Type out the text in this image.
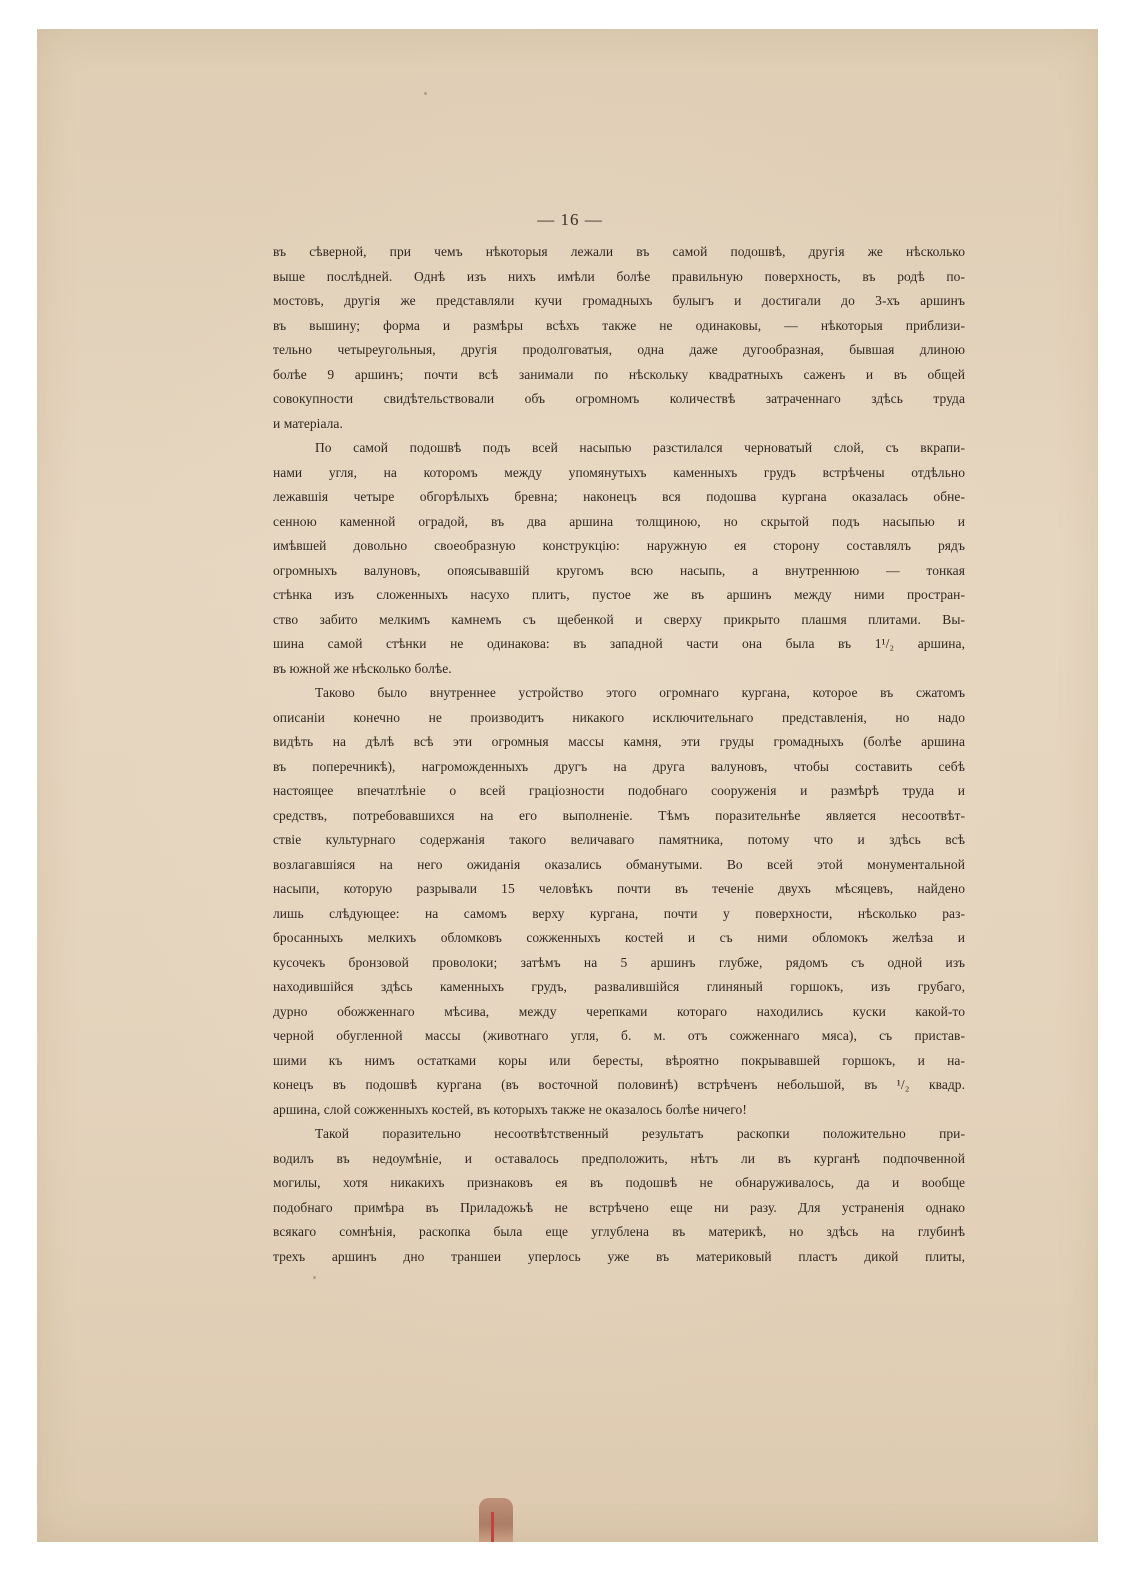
— 16 —
въ сѣверной, при чемъ нѣкоторыя лежали въ самой подошвѣ, другія же нѣсколько
выше послѣдней. Однѣ изъ нихъ имѣли болѣе правильную поверхность, въ родѣ по-
мостовъ, другія же представляли кучи громадныхъ булыгъ и достигали до 3-хъ аршинъ
въ вышину; форма и размѣры всѣхъ также не одинаковы, — нѣкоторыя приблизи-
тельно четыреугольныя, другія продолговатыя, одна даже дугообразная, бывшая длиною
болѣе 9 аршинъ; почти всѣ занимали по нѣскольку квадратныхъ саженъ и въ общей
совокупности свидѣтельствовали объ огромномъ количествѣ затраченнаго здѣсь труда
и матеріала.
По самой подошвѣ подъ всей насыпью разстилался черноватый слой, съ вкрапи-
нами угля, на которомъ между упомянутыхъ каменныхъ грудъ встрѣчены отдѣльно
лежавшія четыре обгорѣлыхъ бревна; наконецъ вся подошва кургана оказалась обне-
сенною каменной оградой, въ два аршина толщиною, но скрытой подъ насыпью и
имѣвшей довольно своеобразную конструкцію: наружную ея сторону составлялъ рядъ
огромныхъ валуновъ, опоясывавшій кругомъ всю насыпь, а внутреннюю — тонкая
стѣнка изъ сложенныхъ насухо плитъ, пустое же въ аршинъ между ними простран-
ство забито мелкимъ камнемъ съ щебенкой и сверху прикрыто плашмя плитами. Вы-
шина самой стѣнки не одинакова: въ западной части она была въ 1¹/₂ аршина,
въ южной же нѣсколько болѣе.
Таково было внутреннее устройство этого огромнаго кургана, которое въ сжатомъ
описаніи конечно не производитъ никакого исключительнаго представленія, но надо
видѣть на дѣлѣ всѣ эти огромныя массы камня, эти груды громадныхъ (болѣе аршина
въ поперечникѣ), нагроможденныхъ другъ на друга валуновъ, чтобы составить себѣ
настоящее впечатлѣніе о всей граціозности подобнаго сооруженія и размѣрѣ труда и
средствъ, потребовавшихся на его выполненіе. Тѣмъ поразительнѣе является несоотвѣт-
ствіе культурнаго содержанія такого величаваго памятника, потому что и здѣсь всѣ
возлагавшіяся на него ожиданія оказались обманутыми. Во всей этой монументальной
насыпи, которую разрывали 15 человѣкъ почти въ теченіе двухъ мѣсяцевъ, найдено
лишь слѣдующее: на самомъ верху кургана, почти у поверхности, нѣсколько раз-
бросанныхъ мелкихъ обломковъ сожженныхъ костей и съ ними обломокъ желѣза и
кусочекъ бронзовой проволоки; затѣмъ на 5 аршинъ глубже, рядомъ съ одной изъ
находившійся здѣсь каменныхъ грудъ, развалившійся глиняный горшокъ, изъ грубаго,
дурно обожженнаго мѣсива, между черепками котораго находились куски какой-то
черной обугленной массы (животнаго угля, б. м. отъ сожженнаго мяса), съ пристав-
шими къ нимъ остатками коры или бересты, вѣроятно покрывавшей горшокъ, и на-
конецъ въ подошвѣ кургана (въ восточной половинѣ) встрѣченъ небольшой, въ ¹/₂ квадр.
аршина, слой сожженныхъ костей, въ которыхъ также не оказалось болѣе ничего!
Такой поразительно несоотвѣтственный результатъ раскопки положительно при-
водилъ въ недоумѣніе, и оставалось предположить, нѣтъ ли въ курганѣ подпочвенной
могилы, хотя никакихъ признаковъ ея въ подошвѣ не обнаруживалось, да и вообще
подобнаго примѣра въ Приладожьѣ не встрѣчено еще ни разу. Для устраненія однако
всякаго сомнѣнія, раскопка была еще углублена въ материкѣ, но здѣсь на глубинѣ
трехъ аршинъ дно траншеи уперлось уже въ материковый пластъ дикой плиты,
